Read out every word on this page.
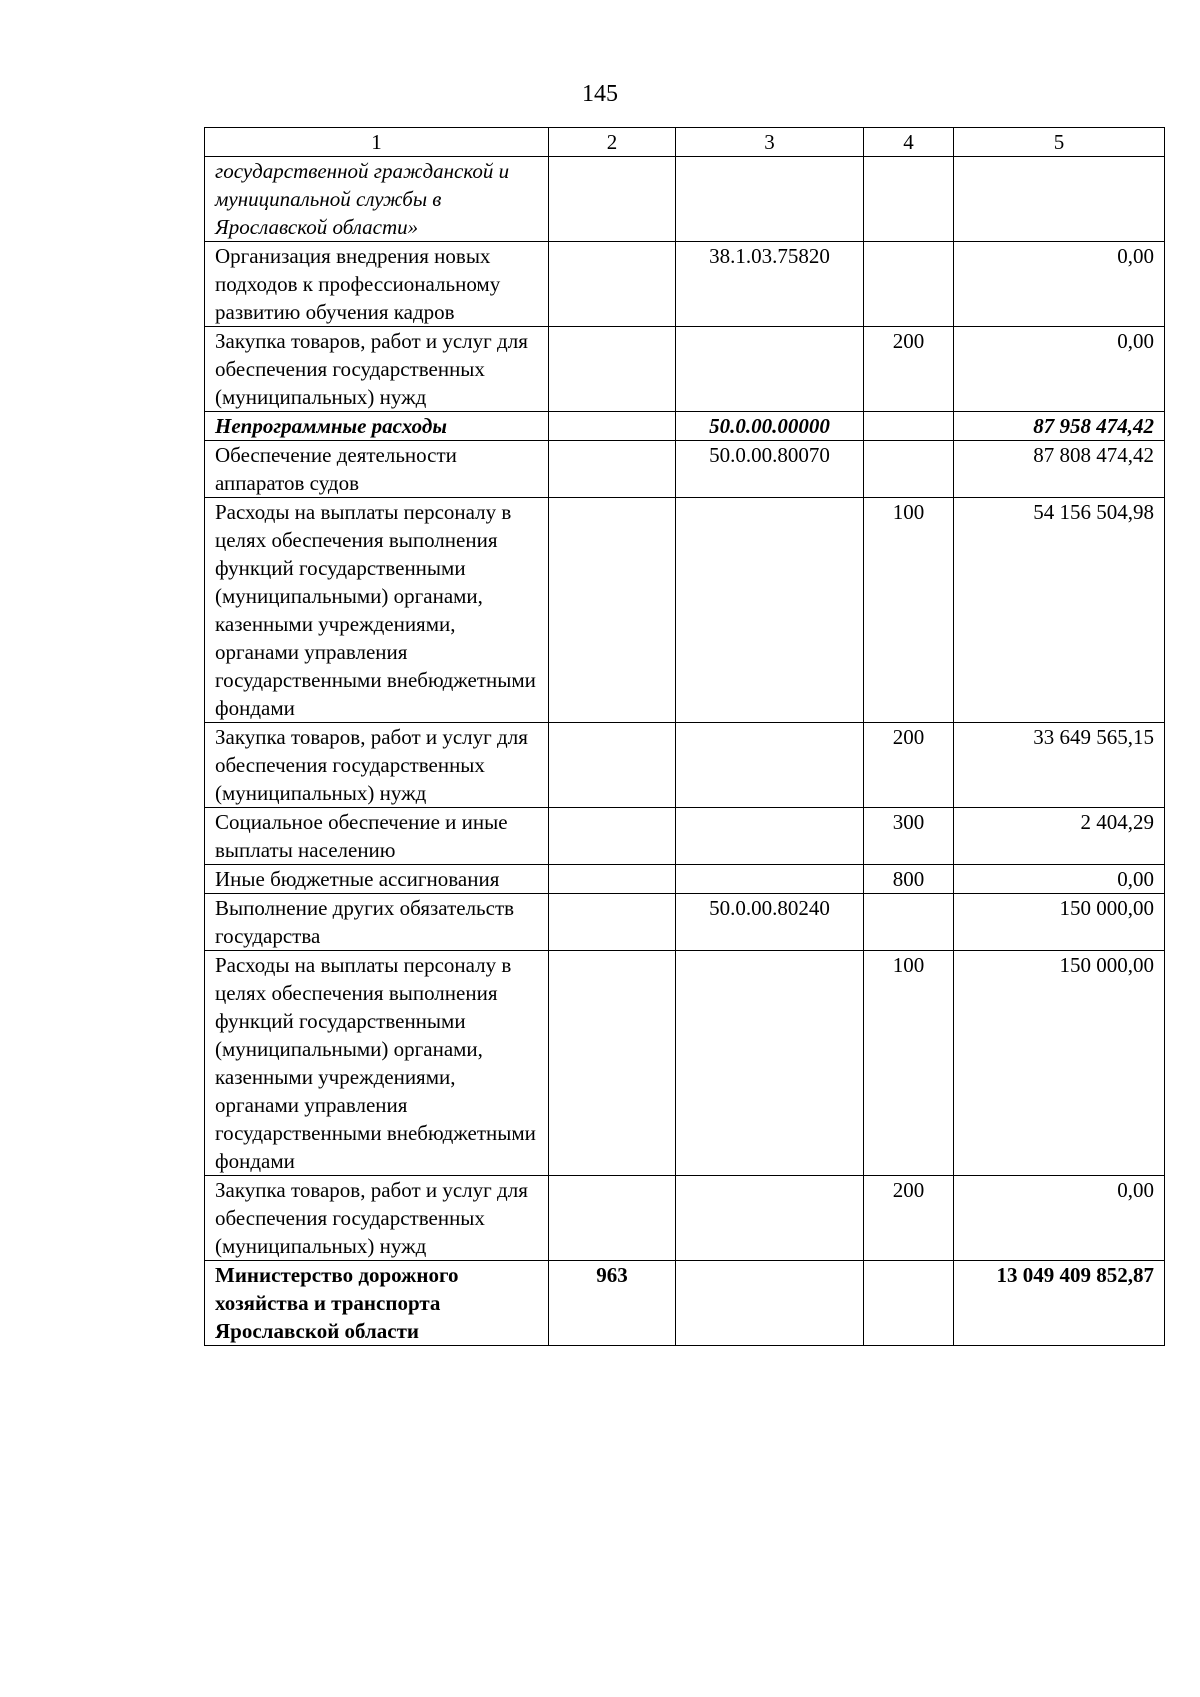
145
1	2	3	4	5
государственной гражданской и муниципальной службы в Ярославской области»				
Организация внедрения новых подходов к профессиональному развитию обучения кадров		38.1.03.75820		0,00
Закупка товаров, работ и услуг для обеспечения государственных (муниципальных) нужд			200	0,00
Непрограммные расходы		50.0.00.00000		87 958 474,42
Обеспечение деятельности аппаратов судов		50.0.00.80070		87 808 474,42
Расходы на выплаты персоналу в целях обеспечения выполнения функций государственными (муниципальными) органами, казенными учреждениями, органами управления государственными внебюджетными фондами			100	54 156 504,98
Закупка товаров, работ и услуг для обеспечения государственных (муниципальных) нужд			200	33 649 565,15
Социальное обеспечение и иные выплаты населению			300	2 404,29
Иные бюджетные ассигнования			800	0,00
Выполнение других обязательств государства		50.0.00.80240		150 000,00
Расходы на выплаты персоналу в целях обеспечения выполнения функций государственными (муниципальными) органами, казенными учреждениями, органами управления государственными внебюджетными фондами			100	150 000,00
Закупка товаров, работ и услуг для обеспечения государственных (муниципальных) нужд			200	0,00
Министерство дорожного хозяйства и транспорта Ярославской области	963			13 049 409 852,87
